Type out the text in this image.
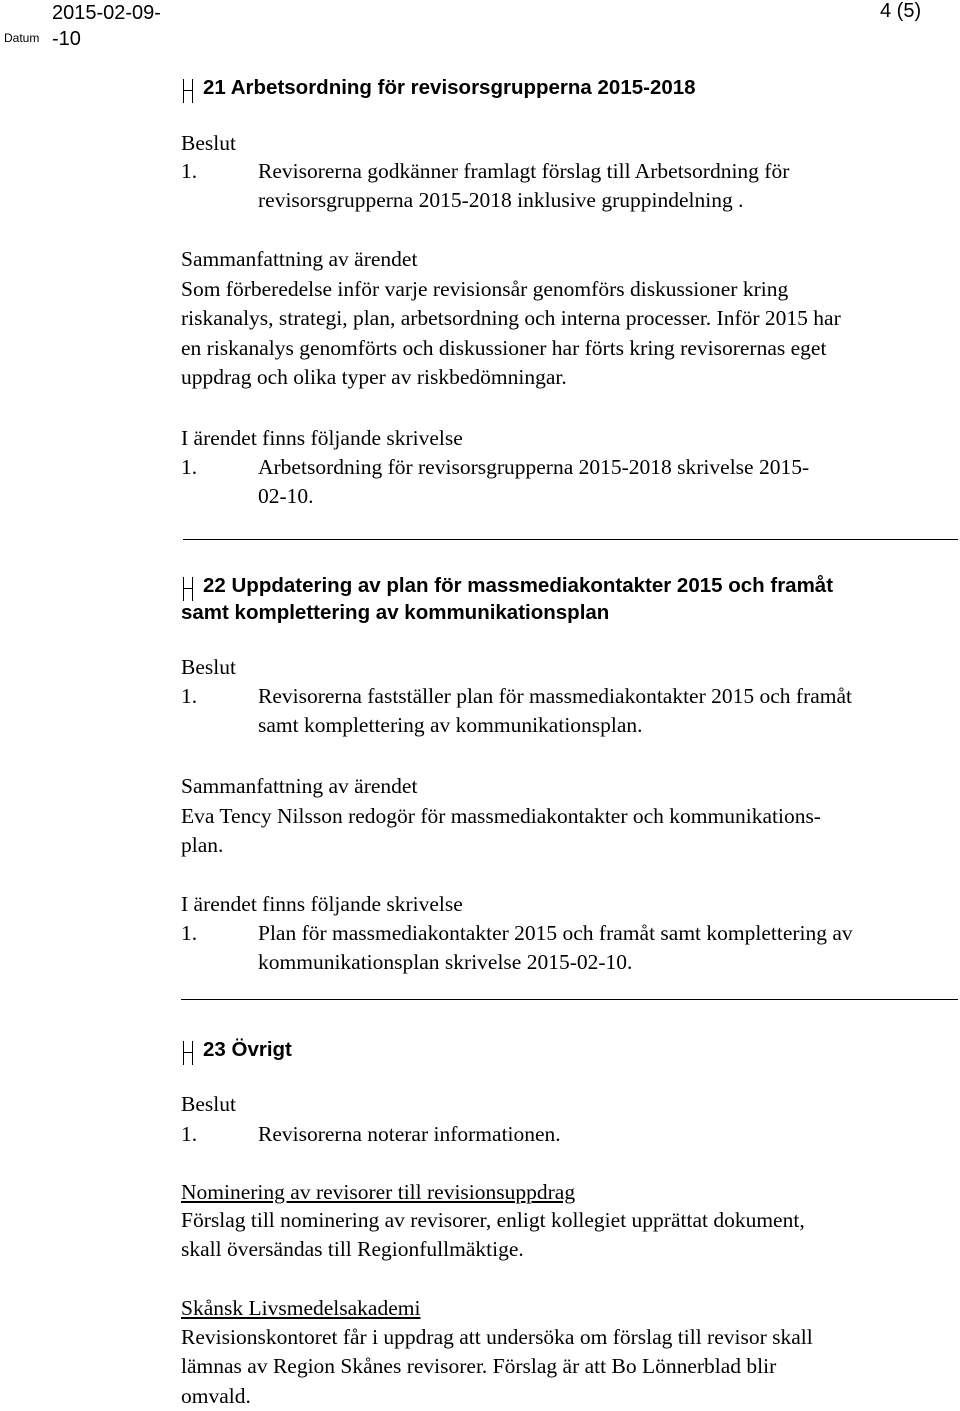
Datum
2015-02-09-
-10
4 (5)
21 Arbetsordning för revisorsgrupperna 2015-2018
Beslut
1.	Revisorerna godkänner framlagt förslag till Arbetsordning för
revisorsgrupperna 2015-2018 inklusive gruppindelning .
Sammanfattning av ärendet
Som förberedelse inför varje revisionsår genomförs diskussioner kring
riskanalys, strategi, plan, arbetsordning och interna processer. Inför 2015 har
en riskanalys genomförts och diskussioner har förts kring revisorernas eget
uppdrag och olika typer av riskbedömningar.
I ärendet finns följande skrivelse
1.	Arbetsordning för revisorsgrupperna 2015-2018 skrivelse 2015-
02-10.
22 Uppdatering av plan för massmediakontakter 2015 och framåt
samt komplettering av kommunikationsplan
Beslut
1.	Revisorerna fastställer plan för massmediakontakter 2015 och framåt
samt komplettering av kommunikationsplan.
Sammanfattning av ärendet
Eva Tency Nilsson redogör för massmediakontakter och kommunikations-
plan.
I ärendet finns följande skrivelse
1.	Plan för massmediakontakter 2015 och framåt samt komplettering av
kommunikationsplan skrivelse 2015-02-10.
23 Övrigt
Beslut
1.	Revisorerna noterar informationen.
Nominering av revisorer till revisionsuppdrag
Förslag till nominering av revisorer, enligt kollegiet upprättat dokument,
skall översändas till Regionfullmäktige.
Skånsk Livsmedelsakademi
Revisionskontoret får i uppdrag att undersöka om förslag till revisor skall
lämnas av Region Skånes revisorer. Förslag är att Bo Lönnerblad blir
omvald.
